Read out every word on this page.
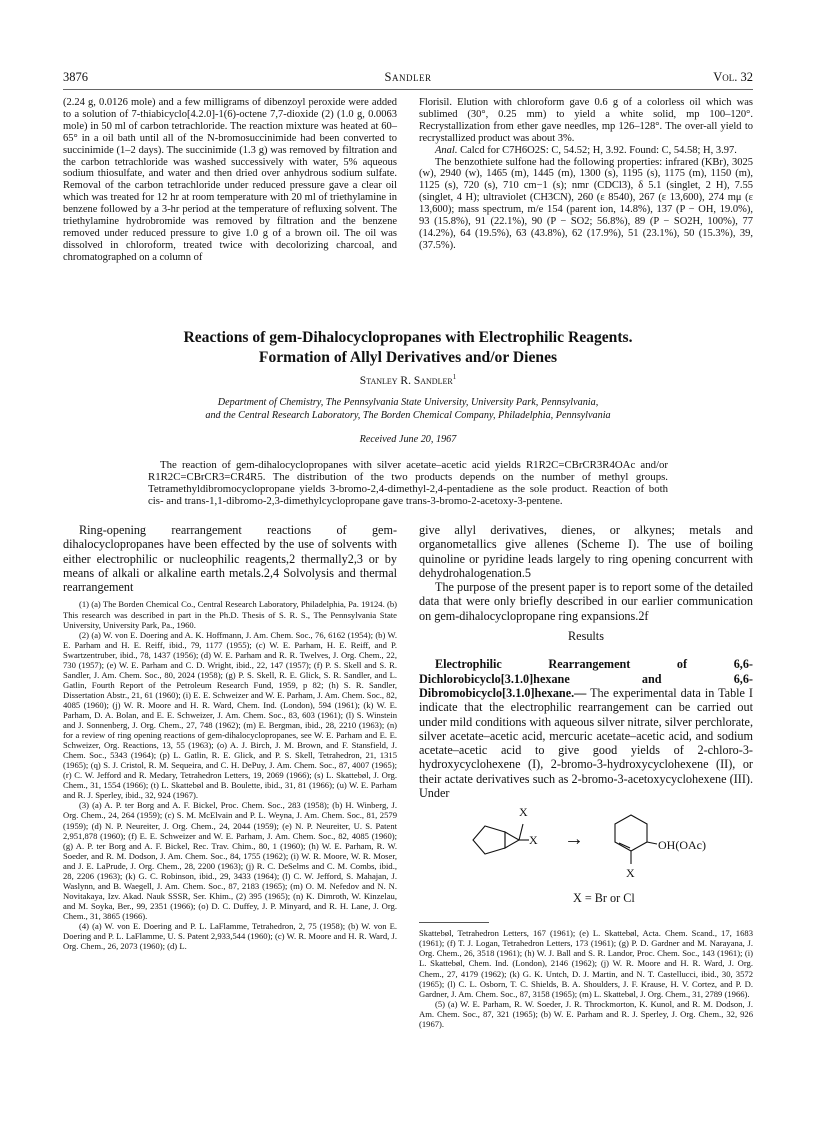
3876	Sandler	Vol. 32

(2.24 g, 0.0126 mole) and a few milligrams of dibenzoyl peroxide were added to a solution of 7-thiabicyclo[4.2.0]-1(6)-octene 7,7-dioxide (2) (1.0 g, 0.0063 mole) in 50 ml of carbon tetrachloride. The reaction mixture was heated at 60–65° in a oil bath until all of the N-bromosuccinimide had been converted to succinimide (1–2 days). The succinimide (1.3 g) was removed by filtration and the carbon tetrachloride was washed successively with water, 5% aqueous sodium thiosulfate, and water and then dried over anhydrous sodium sulfate. Removal of the carbon tetrachloride under reduced pressure gave a clear oil which was treated for 12 hr at room temperature with 20 ml of triethylamine in benzene followed by a 3-hr period at the temperature of refluxing solvent. The triethylamine hydrobromide was removed by filtration and the benzene removed under reduced pressure to give 1.0 g of a brown oil. The oil was dissolved in chloroform, treated twice with decolorizing charcoal, and chromatographed on a column of

Florisil. Elution with chloroform gave 0.6 g of a colorless oil which was sublimed (30°, 0.25 mm) to yield a white solid, mp 100–120°. Recrystallization from ether gave needles, mp 126–128°. The over-all yield to recrystallized product was about 3%.

Anal. Calcd for C7H6O2S: C, 54.52; H, 3.92. Found: C, 54.58; H, 3.97.

The benzothiete sulfone had the following properties: infrared (KBr), 3025 (w), 2940 (w), 1465 (m), 1445 (m), 1300 (s), 1195 (s), 1175 (m), 1150 (m), 1125 (s), 720 (s), 710 cm−1 (s); nmr (CDCl3), δ 5.1 (singlet, 2 H), 7.55 (singlet, 4 H); ultraviolet (CH3CN), 260 (ε 8540), 267 (ε 13,600), 274 mμ (ε 13,600); mass spectrum, m/e 154 (parent ion, 14.8%), 137 (P − OH, 19.0%), 93 (15.8%), 91 (22.1%), 90 (P − SO2; 56.8%), 89 (P − SO2H, 100%), 77 (14.2%), 64 (19.5%), 63 (43.8%), 62 (17.9%), 51 (23.1%), 50 (15.3%), 39, (37.5%).

Reactions of gem-Dihalocyclopropanes with Electrophilic Reagents.
Formation of Allyl Derivatives and/or Dienes
Stanley R. Sandler$^1$
Department of Chemistry, The Pennsylvania State University, University Park, Pennsylvania,
and the Central Research Laboratory, The Borden Chemical Company, Philadelphia, Pennsylvania
Received June 20, 1967

The reaction of gem-dihalocyclopropanes with silver acetate–acetic acid yields R1R2C=CBrCR3R4OAc and/or R1R2C=CBrCR3=CR4R5. The distribution of the two products depends on the number of methyl groups. Tetramethyldibromocyclopropane yields 3-bromo-2,4-dimethyl-2,4-pentadiene as the sole product. Reaction of both cis- and trans-1,1-dibromo-2,3-dimethylcyclopropane gave trans-3-bromo-2-acetoxy-3-pentene.

Ring-opening rearrangement reactions of gem-dihalocyclopropanes have been effected by the use of solvents with either electrophilic or nucleophilic reagents,2 thermally2,3 or by means of alkali or alkaline earth metals.2,4 Solvolysis and thermal rearrangement

(1) (a) The Borden Chemical Co., Central Research Laboratory, Philadelphia, Pa. 19124. (b) This research was described in part in the Ph.D. Thesis of S. R. S., The Pennsylvania State University, University Park, Pa., 1960.

(2) (a) W. von E. Doering and A. K. Hoffmann, J. Am. Chem. Soc., 76, 6162 (1954); (b) W. E. Parham and H. E. Reiff, ibid., 79, 1177 (1955); (c) W. E. Parham, H. E. Reiff, and P. Swartzentruber, ibid., 78, 1437 (1956); (d) W. E. Parham and R. R. Twelves, J. Org. Chem., 22, 730 (1957); (e) W. E. Parham and C. D. Wright, ibid., 22, 147 (1957); (f) P. S. Skell and S. R. Sandler, J. Am. Chem. Soc., 80, 2024 (1958); (g) P. S. Skell, R. E. Glick, S. R. Sandler, and L. Gatlin, Fourth Report of the Petroleum Research Fund, 1959, p 82; (h) S. R. Sandler, Dissertation Abstr., 21, 61 (1960); (i) E. E. Schweizer and W. E. Parham, J. Am. Chem. Soc., 82, 4085 (1960); (j) W. R. Moore and H. R. Ward, Chem. Ind. (London), 594 (1961); (k) W. E. Parham, D. A. Bolan, and E. E. Schweizer, J. Am. Chem. Soc., 83, 603 (1961); (l) S. Winstein and J. Sonnenberg, J. Org. Chem., 27, 748 (1962); (m) E. Bergman, ibid., 28, 2210 (1963); (n) for a review of ring opening reactions of gem-dihalocyclopropanes, see W. E. Parham and E. E. Schweizer, Org. Reactions, 13, 55 (1963); (o) A. J. Birch, J. M. Brown, and F. Stansfield, J. Chem. Soc., 5343 (1964); (p) L. Gatlin, R. E. Glick, and P. S. Skell, Tetrahedron, 21, 1315 (1965); (q) S. J. Cristol, R. M. Sequeira, and C. H. DePuy, J. Am. Chem. Soc., 87, 4007 (1965); (r) C. W. Jefford and R. Medary, Tetrahedron Letters, 19, 2069 (1966); (s) L. Skattebøl, J. Org. Chem., 31, 1554 (1966); (t) L. Skattebøl and B. Boulette, ibid., 31, 81 (1966); (u) W. E. Parham and R. J. Sperley, ibid., 32, 924 (1967).

(3) (a) A. P. ter Borg and A. F. Bickel, Proc. Chem. Soc., 283 (1958); (b) H. Winberg, J. Org. Chem., 24, 264 (1959); (c) S. M. McElvain and P. L. Weyna, J. Am. Chem. Soc., 81, 2579 (1959); (d) N. P. Neureiter, J. Org. Chem., 24, 2044 (1959); (e) N. P. Neureiter, U. S. Patent 2,951,878 (1960); (f) E. E. Schweizer and W. E. Parham, J. Am. Chem. Soc., 82, 4085 (1960); (g) A. P. ter Borg and A. F. Bickel, Rec. Trav. Chim., 80, 1 (1960); (h) W. E. Parham, R. W. Soeder, and R. M. Dodson, J. Am. Chem. Soc., 84, 1755 (1962); (i) W. R. Moore, W. R. Moser, and J. E. LaPrude, J. Org. Chem., 28, 2200 (1963); (j) R. C. DeSelms and C. M. Combs, ibid., 28, 2206 (1963); (k) G. C. Robinson, ibid., 29, 3433 (1964); (l) C. W. Jefford, S. Mahajan, J. Waslynn, and B. Waegell, J. Am. Chem. Soc., 87, 2183 (1965); (m) O. M. Nefedov and N. N. Novitakaya, Izv. Akad. Nauk SSSR, Ser. Khim., (2) 395 (1965); (n) K. Dimroth, W. Kinzelau, and M. Soyka, Ber., 99, 2351 (1966); (o) D. C. Duffey, J. P. Minyard, and R. H. Lane, J. Org. Chem., 31, 3865 (1966).

(4) (a) W. von E. Doering and P. L. LaFlamme, Tetrahedron, 2, 75 (1958); (b) W. von E. Doering and P. L. LaFlamme, U. S. Patent 2,933,544 (1960); (c) W. R. Moore and H. R. Ward, J. Org. Chem., 26, 2073 (1960); (d) L.

give allyl derivatives, dienes, or alkynes; metals and organometallics give allenes (Scheme I). The use of boiling quinoline or pyridine leads largely to ring opening concurrent with dehydrohalogenation.5

The purpose of the present paper is to report some of the detailed data that were only briefly described in our earlier communication on gem-dihalocyclopropane ring expansions.2f

Results

Electrophilic Rearrangement of 6,6-Dichlorobicyclo[3.1.0]hexane and 6,6-Dibromobicyclo[3.1.0]hexane.— The experimental data in Table I indicate that the electrophilic rearrangement can be carried out under mild conditions with aqueous silver nitrate, silver perchlorate, silver acetate–acetic acid, mercuric acetate–acetic acid, and sodium acetate–acetic acid to give good yields of 2-chloro-3-hydroxycyclohexene (I), 2-bromo-3-hydroxycyclohexene (II), or their actate derivatives such as 2-bromo-3-acetoxycyclohexene (III). Under

X
X →	OH(OAc)
X
X = Br or Cl

Skattebøl, Tetrahedron Letters, 167 (1961); (e) L. Skattebøl, Acta. Chem. Scand., 17, 1683 (1961); (f) T. J. Logan, Tetrahedron Letters, 173 (1961); (g) P. D. Gardner and M. Narayana, J. Org. Chem., 26, 3518 (1961); (h) W. J. Ball and S. R. Landor, Proc. Chem. Soc., 143 (1961); (i) L. Skattebøl, Chem. Ind. (London), 2146 (1962); (j) W. R. Moore and H. R. Ward, J. Org. Chem., 27, 4179 (1962); (k) G. K. Untch, D. J. Martin, and N. T. Castellucci, ibid., 30, 3572 (1965); (l) C. L. Osborn, T. C. Shields, B. A. Shoulders, J. F. Krause, H. V. Cortez, and P. D. Gardner, J. Am. Chem. Soc., 87, 3158 (1965); (m) L. Skattebøl, J. Org. Chem., 31, 2789 (1966).

(5) (a) W. E. Parham, R. W. Soeder, J. R. Throckmorton, K. Kunol, and R. M. Dodson, J. Am. Chem. Soc., 87, 321 (1965); (b) W. E. Parham and R. J. Sperley, J. Org. Chem., 32, 926 (1967).
